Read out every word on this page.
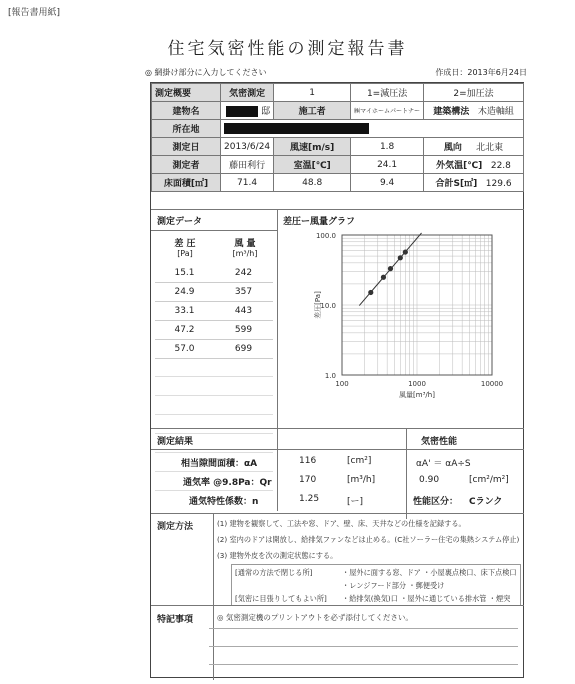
[報告書用紙]
住宅気密性能の測定報告書
◎ 網掛け部分に入力してください	作成日：2013年6月24日
測定概要	気密測定	1	1=減圧法	2=加圧法
建物名	邸	施工者	㈱マイホームパートナー	建築構法 木造軸組
所在地				
測定日	2013/6/24	風速[m/s]	1.8	風向 北北東
測定者	藤田利行	室温[℃]	24.1	外気温[℃] 22.8
床面積[㎡]	71.4	48.8	9.4	合計S[㎡] 129.6
測定データ
差 圧
[Pa]
風 量
[m³/h]
15.1	242
24.9	357
33.1	443
47.2	599
57.0	699
差圧ー風量グラフ
100	1000	10000
100.0
10.0
1.0
風量[m³/h]
差圧[Pa]
測定結果	気密性能
相当隙間面積：αA	116	[cm²]	αA' ＝ αA÷S
通気率 @9.8Pa：Qr	170	[m³/h]	0.90	[cm²/m²]
通気特性係数：n	1.25	[ー]	性能区分： Cランク
測定方法	(1) 建物を観察して、工法や窓、ドア、壁、床、天井などの仕様を記録する。
(2) 室内のドアは開放し、給排気ファンなどは止める。(C社ソーラー住宅の集熱システム停止)
(3) 建物外皮を次の測定状態にする。
[通常の方法で閉じる所]	・屋外に面する窓、ドア ・小屋裏点検口、床下点検口
・レンジフード部分 ・郵便受け
[気密に目張りしてもよい所] ・給排気(換気)口 ・屋外に通じている排水管 ・煙突
特記事項	◎ 気密測定機のプリントアウトを必ず添付してください。
